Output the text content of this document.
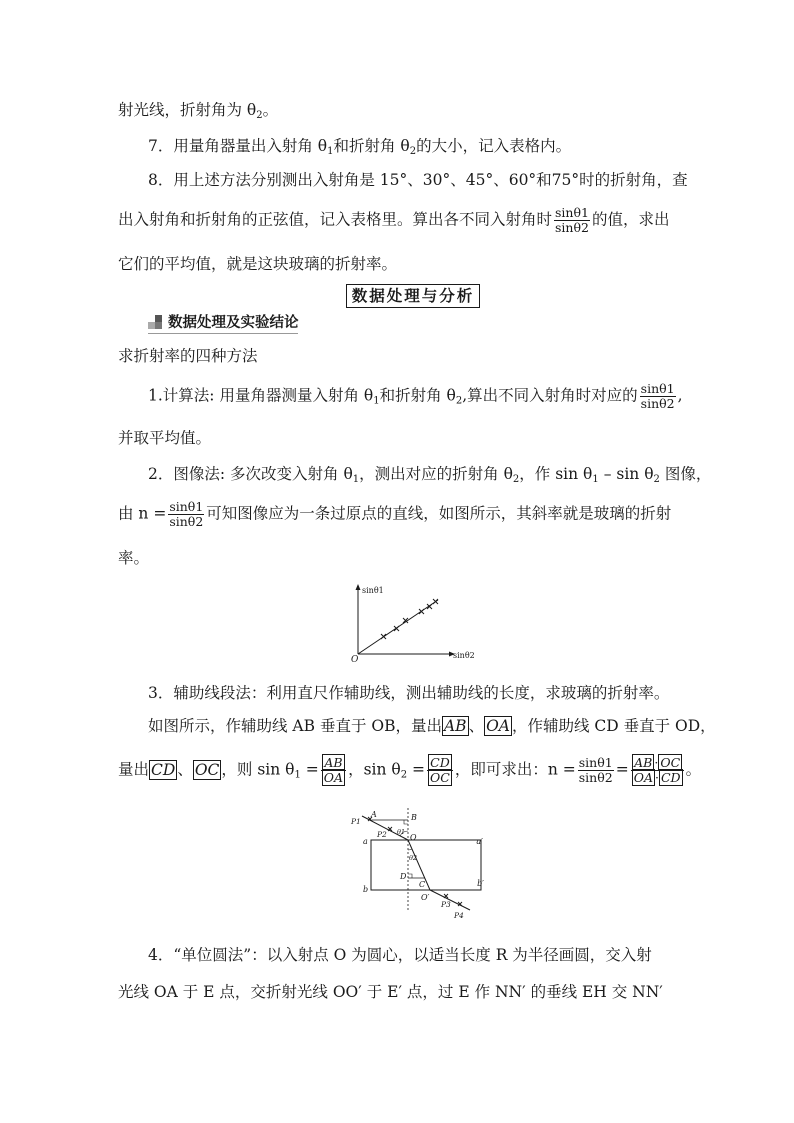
射光线，折射角为 $\theta_2$。
7．用量角器量出入射角 $\theta_1$和折射角 $\theta_2$的大小，记入表格内。
8．用上述方法分别测出入射角是 15°、30°、45°、60°和75°时的折射角，查
出入射角和折射角的正弦值，记入表格里。算出各不同入射角时 $\frac{\sin\theta 1}{\sin\theta 2}$ 的值，求出
它们的平均值，就是这块玻璃的折射率。
数据处理与分析
数据处理及实验结论
求折射率的四种方法
1.计算法: 用量角器测量入射角 $\theta_1$和折射角 $\theta_2$,算出不同入射角时对应的 $\frac{\sin\theta 1}{\sin\theta 2}$ ,
并取平均值。
2．图像法: 多次改变入射角 $\theta_1$，测出对应的折射角 $\theta_2$，作 $\sin \theta_1$ – $\sin \theta_2$ 图像，
由 $n = \frac{\sin\theta 1}{\sin\theta 2}$ 可知图像应为一条过原点的直线，如图所示，其斜率就是玻璃的折射
率。
sinθ1
sinθ2
O
3．辅助线段法：利用直尺作辅助线，测出辅助线的长度，求玻璃的折射率。
如图所示，作辅助线 AB 垂直于 OB，量出 AB 、 OA ，作辅助线 CD 垂直于 OD，
量出 CD 、 OC ，则 $\sin \theta_1 = \frac{AB}{OA}$ ，$\sin \theta_2 = \frac{CD}{OC}$ ，即可求出：$n = \frac{\sin\theta 1}{\sin\theta 2} = \frac{AB \cdot OC}{OA \cdot CD}$ 。
P1
P2
A	B
θ1
O
a	a′
θ2
D
C
b
b′
O′
P3
P4
4．“单位圆法”：以入射点 O 为圆心，以适当长度 R 为半径画圆，交入射
光线 OA 于 E 点，交折射光线 OO′ 于 E′ 点，过 E 作 NN′ 的垂线 EH 交 NN′
